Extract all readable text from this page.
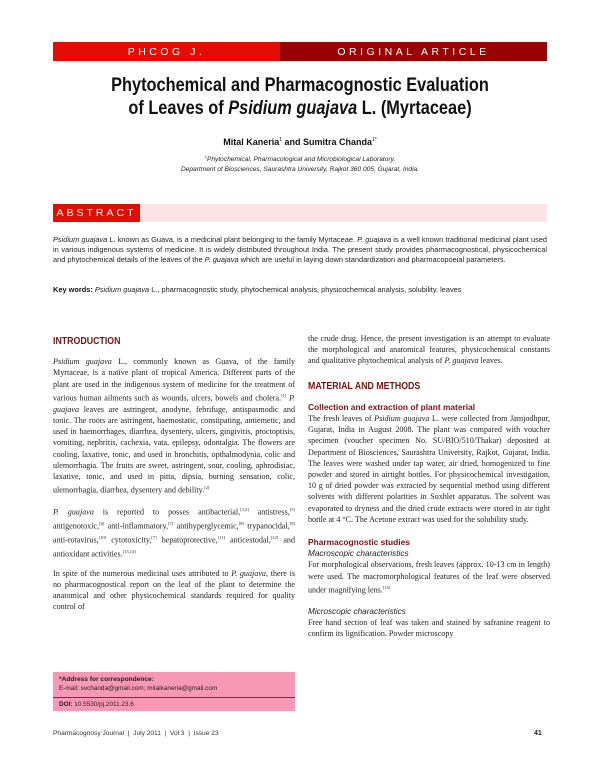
PHCOG J.	ORIGINAL ARTICLE
Phytochemical and Pharmacognostic Evaluation
of Leaves of Psidium guajava L. (Myrtaceae)
Mital Kaneria$^1$ and Sumitra Chanda$^{1*}$
$^1$Phytochemical, Pharmacological and Microbiological Laboratory,
Department of Biosciences, Saurashtra University, Rajkot 360 005, Gujarat, India.
ABSTRACT
Psidium guajava L. known as Guava, is a medicinal plant belonging to the family Myrtaceae. P. guajava is a well known traditional medicinal plant used in various indigenous systems of medicine. It is widely distributed throughout India. The present study provides pharmacognostical, physicochemical and phytochemical details of the leaves of the P. guajava which are useful in laying down standardization and pharmacopoeial parameters.
Key words: Psidium guajava L., pharmacognostic study, phytochemical analysis, physicochemical analysis, solubility, leaves
INTRODUCTION

Psidium guajava L., commonly known as Guava, of the family Myrtaceae, is a native plant of tropical America. Different parts of the plant are used in the indigenous system of medicine for the treatment of various human ailments such as wounds, ulcers, bowels and cholera.[1] P. guajava leaves are astringent, anodyne, febrifuge, antispasmodic and tonic. The roots are astringent, haemostatic, constipating, antiemetic, and used in haemorrhages, diarrhea, dysentery, ulcers, gingivitis, proctoptisis, vomiting, nephritis, cachexia, vata, epilepsy, odontalgia. The flowers are cooling, laxative, tonic, and used in bronchitis, opthalmodynia, colic and ulemorrhagia. The fruits are sweet, astringent, sour, cooling, aphrodisiac, laxative, tonic, and used in pitta, dipsia, burning sensation, colic, ulemorrhagia, diarrhea, dysentery and debility.[2]

P. guajava is reported to posses antibacterial,[3,4] antistress,[5] antigenotoxic,[6] anti-inflammatory,[7] antihyperglycemic,[8] trypanocidal,[9] anti-rotavirus,[10] cytotoxicity,[7] hepatoprotective,[11] anticestodal,[12] and antioxidant activities.[13,14]

In spite of the numerous medicinal uses attributed to P. guajava, there is no pharmacognostical report on the leaf of the plant to determine the anatomical and other physicochemical standards required for quality control of

*Address for correspondence:
E-mail: svchanda@gmail.com; mitalkaneria@gmail.com
DOI: 10.5530/pj.2011.23.6

the crude drug. Hence, the present investigation is an attempt to evaluate the morphological and anatomical features, physicochemical constants and qualitative phytochemical analysis of P. guajava leaves.

MATERIAL AND METHODS
Collection and extraction of plant material

The fresh leaves of Psidium guajava L. were collected from Jamjodhpur, Gujarat, India in August 2008. The plant was compared with voucher specimen (voucher specimen No. SU/BIO/510/Thakar) deposited at Department of Biosciences, Saurashtra University, Rajkot, Gujarat, India. The leaves were washed under tap water, air dried, homogenized to fine powder and stored in airtight bottles. For physicochemical investigation, 10 g of dried powder was extracted by sequential method using different solvents with different polarities in Soxhlet apparatus. The solvent was evaporated to dryness and the dried crude extracts were stored in air tight bottle at 4 °C. The Acetone extract was used for the solubility study.

Pharmacognostic studies
Macroscopic characteristics

For morphological observations, fresh leaves (approx. 10-13 cm in length) were used. The macromorphological features of the leaf were observed under magnifying lens.[15]

Microscopic characteristics

Free hand section of leaf was taken and stained by safranine reagent to confirm its lignification. Powder microscopy

Pharmacognosy Journal  |  July 2011  |  Vol 3  |  Issue 23	41
